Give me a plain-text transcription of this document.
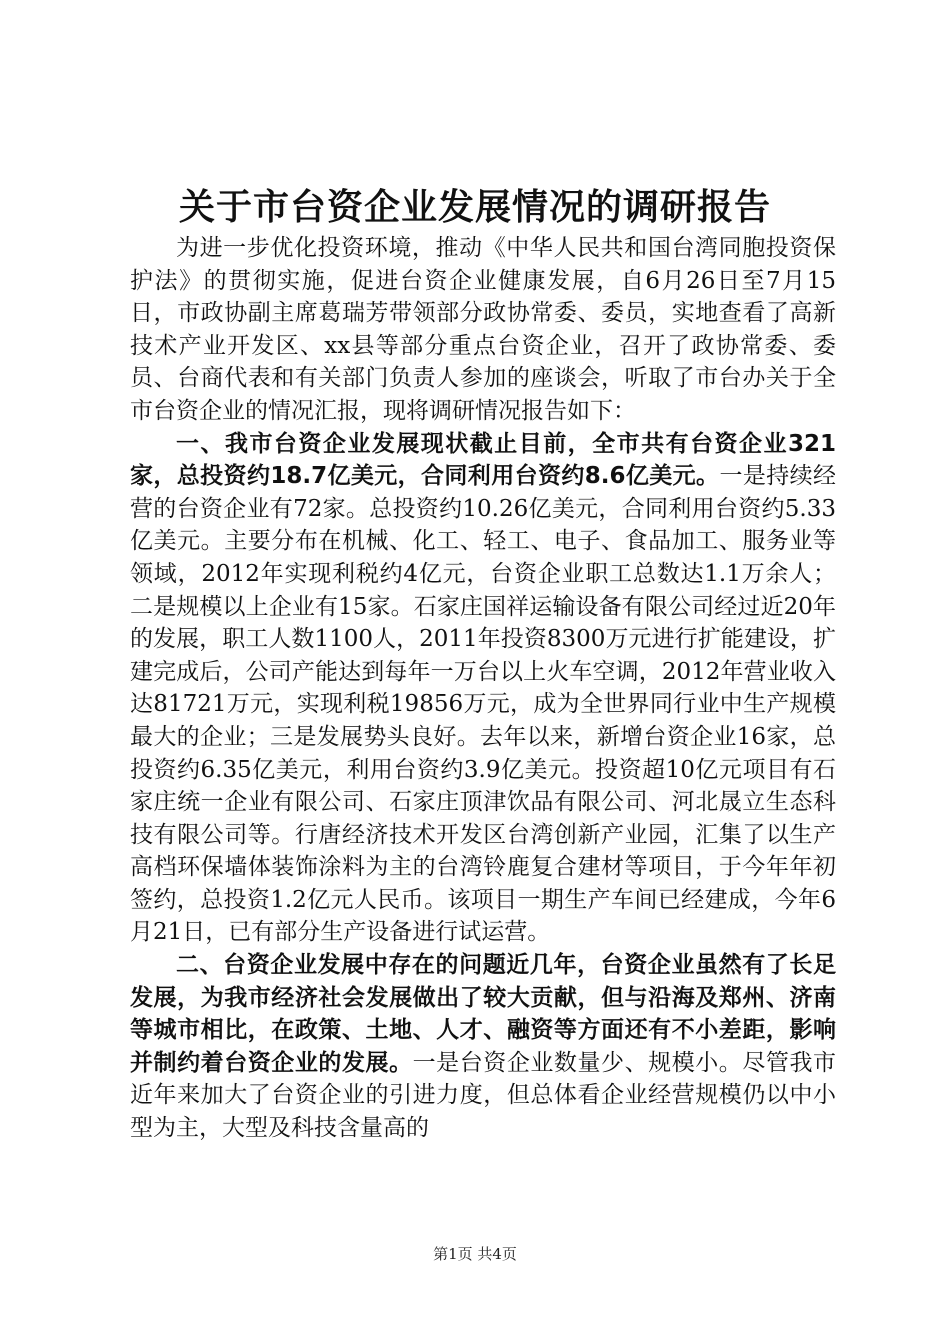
关于市台资企业发展情况的调研报告

为进一步优化投资环境，推动《中华人民共和国台湾同胞投资保护法》的贯彻实施，促进台资企业健康发展，自6月26日至7月15日，市政协副主席葛瑞芳带领部分政协常委、委员，实地查看了高新技术产业开发区、xx县等部分重点台资企业，召开了政协常委、委员、台商代表和有关部门负责人参加的座谈会，听取了市台办关于全市台资企业的情况汇报，现将调研情况报告如下：

一、我市台资企业发展现状截止目前，全市共有台资企业321家，总投资约18.7亿美元，合同利用台资约8.6亿美元。一是持续经营的台资企业有72家。总投资约10.26亿美元，合同利用台资约5.33亿美元。主要分布在机械、化工、轻工、电子、食品加工、服务业等领域，2012年实现利税约4亿元，台资企业职工总数达1.1万余人；二是规模以上企业有15家。石家庄国祥运输设备有限公司经过近20年的发展，职工人数1100人，2011年投资8300万元进行扩能建设，扩建完成后，公司产能达到每年一万台以上火车空调，2012年营业收入达81721万元，实现利税19856万元，成为全世界同行业中生产规模最大的企业；三是发展势头良好。去年以来，新增台资企业16家，总投资约6.35亿美元，利用台资约3.9亿美元。投资超10亿元项目有石家庄统一企业有限公司、石家庄顶津饮品有限公司、河北晟立生态科技有限公司等。行唐经济技术开发区台湾创新产业园，汇集了以生产高档环保墙体装饰涂料为主的台湾铃鹿复合建材等项目，于今年年初签约，总投资1.2亿元人民币。该项目一期生产车间已经建成，今年6月21日，已有部分生产设备进行试运营。

二、台资企业发展中存在的问题近几年，台资企业虽然有了长足发展，为我市经济社会发展做出了较大贡献，但与沿海及郑州、济南等城市相比，在政策、土地、人才、融资等方面还有不小差距，影响并制约着台资企业的发展。一是台资企业数量少、规模小。尽管我市近年来加大了台资企业的引进力度，但总体看企业经营规模仍以中小型为主，大型及科技含量高的

第1页 共4页
